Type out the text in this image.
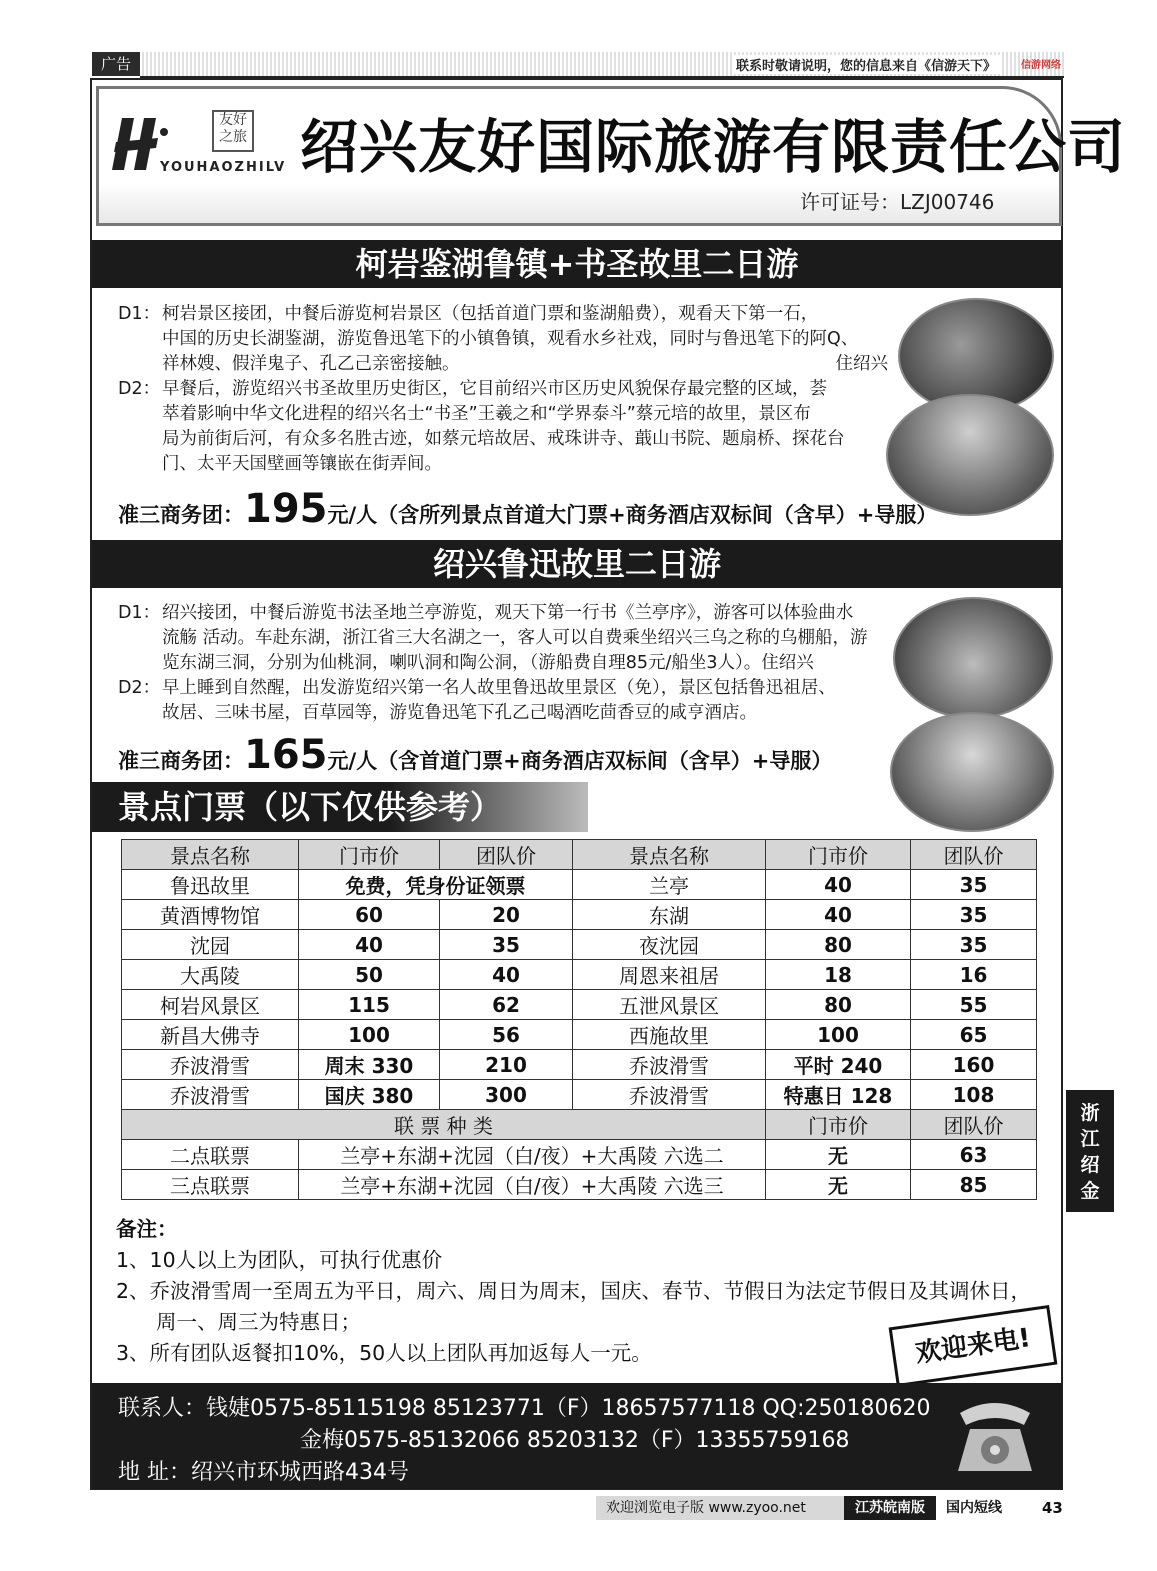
广告	联系时敬请说明，您的信息来自《信游天下》	信游网络
友好之旅
YOUHAOZHILV 绍兴友好国际旅游有限责任公司
许可证号：LZJ00746
柯岩鉴湖鲁镇+书圣故里二日游
D1： 柯岩景区接团，中餐后游览柯岩景区（包括首道门票和鉴湖船费），观看天下第一石，
中国的历史长湖鉴湖，游览鲁迅笔下的小镇鲁镇，观看水乡社戏，同时与鲁迅笔下的阿Q、
祥林嫂、假洋鬼子、孔乙己亲密接触。	住绍兴
D2： 早餐后，游览绍兴书圣故里历史街区，它目前绍兴市区历史风貌保存最完整的区域，荟
萃着影响中华文化进程的绍兴名士“书圣”王羲之和“学界泰斗”蔡元培的故里，景区布
局为前街后河，有众多名胜古迹，如蔡元培故居、戒珠讲寺、蕺山书院、题扇桥、探花台
门、太平天国壁画等镶嵌在街弄间。
准三商务团：195元/人（含所列景点首道大门票+商务酒店双标间（含早）+导服）
绍兴鲁迅故里二日游
D1： 绍兴接团，中餐后游览书法圣地兰亭游览，观天下第一行书《兰亭序》，游客可以体验曲水
流觞 活动。车赴东湖，浙江省三大名湖之一，客人可以自费乘坐绍兴三乌之称的乌棚船，游
览东湖三洞，分别为仙桃洞，喇叭洞和陶公洞，（游船费自理85元/船坐3人）。住绍兴
D2： 早上睡到自然醒，出发游览绍兴第一名人故里鲁迅故里景区（免），景区包括鲁迅祖居、
故居、三味书屋，百草园等，游览鲁迅笔下孔乙己喝酒吃茴香豆的咸亨酒店。
准三商务团：165元/人（含首道门票+商务酒店双标间（含早）+导服）
景点门票（以下仅供参考）
景点名称	门市价	团队价	景点名称	门市价	团队价
鲁迅故里	免费，凭身份证领票		兰亭	40	35
黄酒博物馆	60	20	东湖	40	35
沈园	40	35	夜沈园	80	35
大禹陵	50	40	周恩来祖居	18	16
柯岩风景区	115	62	五泄风景区	80	55
新昌大佛寺	100	56	西施故里	100	65
乔波滑雪	周末 330	210	乔波滑雪	平时 240	160
乔波滑雪	国庆 380	300	乔波滑雪	特惠日 128	108
联 票 种 类				门市价	团队价
二点联票	兰亭+东湖+沈园（白/夜）+大禹陵 六选二			无	63
三点联票	兰亭+东湖+沈园（白/夜）+大禹陵 六选三			无	85
备注：
1、10人以上为团队，可执行优惠价
2、乔波滑雪周一至周五为平日，周六、周日为周末，国庆、春节、节假日为法定节假日及其调休日，
周一、周三为特惠日；
3、所有团队返餐扣10%，50人以上团队再加返每人一元。	欢迎来电!
联系人：钱婕0575-85115198 85123771（F）18657577118 QQ:250180620
金梅0575-85132066 85203132（F）13355759168
地 址：绍兴市环城西路434号
浙
江
绍
金
欢迎浏览电子版 www.zyoo.net	江苏皖南版	国内短线	43
